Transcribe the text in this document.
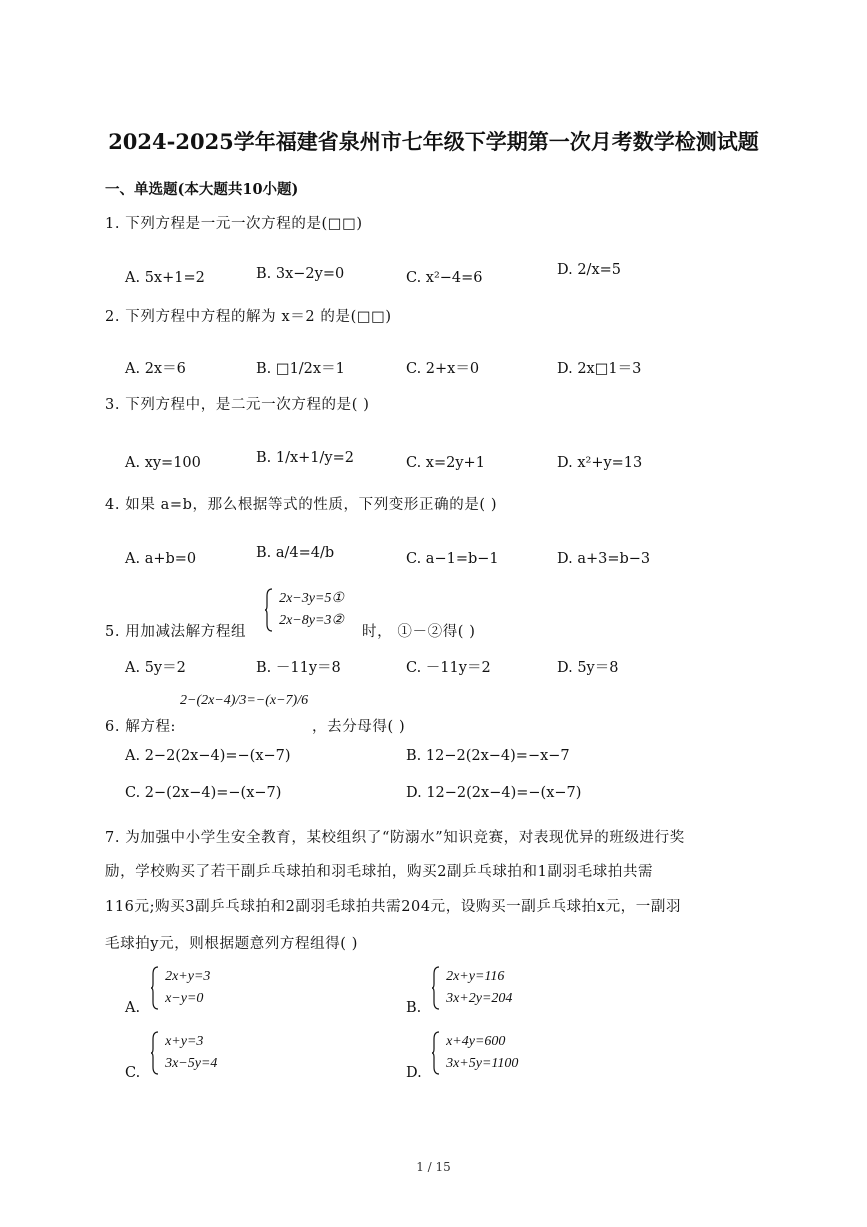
2024-2025学年福建省泉州市七年级下学期第一次月考数学检测试题
一、单选题(本大题共10小题)
1. 下列方程是一元一次方程的是(□□)
A. 5x+1=2	B. 3x−2y=0	C. x²−4=6	D. 2/x=5
2. 下列方程中方程的解为 x＝2 的是(□□)
A. 2x＝6	B. □1/2x＝1	C. 2+x＝0	D. 2x□1＝3
3. 下列方程中，是二元一次方程的是( )
A. xy=100	B. 1/x+1/y=2	C. x=2y+1	D. x²+y=13
4. 如果 a=b，那么根据等式的性质，下列变形正确的是( )
A. a+b=0	B. a/4=4/b	C. a−1=b−1	D. a+3=b−3
5. 用加减法解方程组

2x−3y=5①
2x−8y=3②
时， ①－②得( )
A. 5y＝2	B. －11y＝8	C. －11y＝2	D. 5y＝8
6. 解方程:
2−(2x−4)/3=−(x−7)/6
，去分母得( )
A. 2−2(2x−4)=−(x−7)	B. 12−2(2x−4)=−x−7
C. 2−(2x−4)=−(x−7)	D. 12−2(2x−4)=−(x−7)
7. 为加强中小学生安全教育，某校组织了“防溺水”知识竞赛，对表现优异的班级进行奖
励，学校购买了若干副乒乓球拍和羽毛球拍，购买2副乒乓球拍和1副羽毛球拍共需
116元;购买3副乒乓球拍和2副羽毛球拍共需204元，设购买一副乒乓球拍x元，一副羽
毛球拍y元，则根据题意列方程组得( )
A.

2x+y=3
x−y=0
B.

2x+y=116
3x+2y=204
C.

x+y=3
3x−5y=4
D.

x+4y=600
3x+5y=1100
1 / 15
